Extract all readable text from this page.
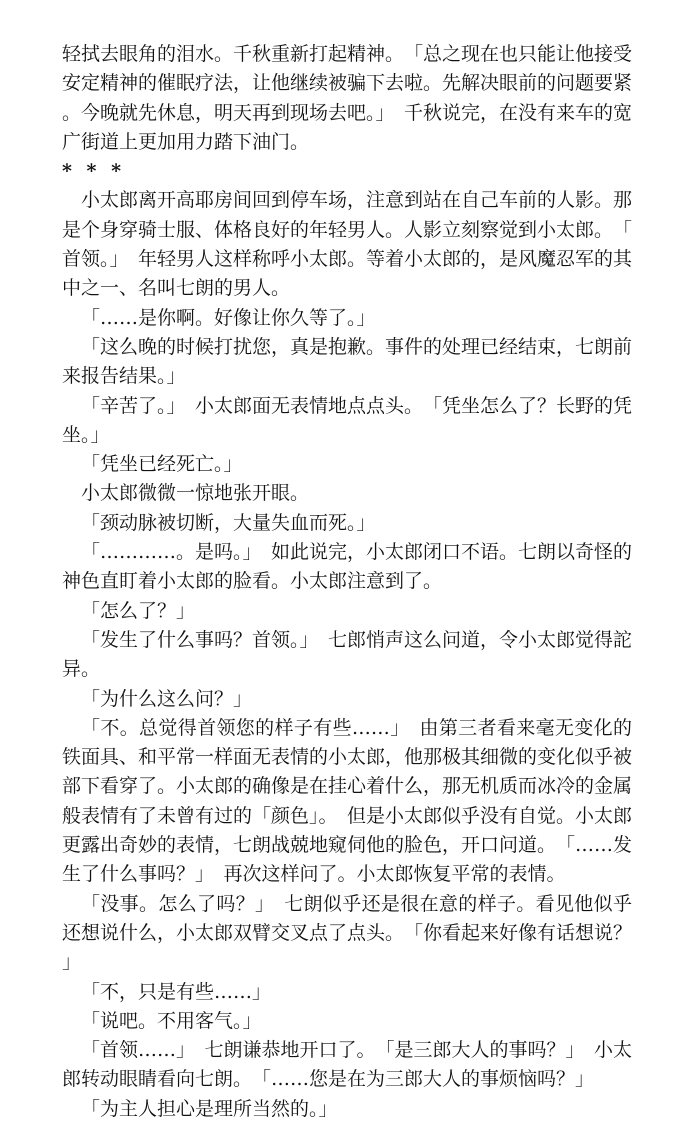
轻拭去眼角的泪水。千秋重新打起精神。　「总之现在也只能让他接受安定精神的催眠疗法，让他继续被骗下去啦。先解决眼前的问题要紧。今晚就先休息，明天再到现场去吧。」　千秋说完，在没有来车的宽广街道上更加用力踏下油门。

* * *

小太郎离开高耶房间回到停车场，注意到站在自己车前的人影。那是个身穿骑士服、体格良好的年轻男人。人影立刻察觉到小太郎。　「首领。」　年轻男人这样称呼小太郎。等着小太郎的，是风魔忍军的其中之一、名叫七朗的男人。

「……是你啊。好像让你久等了。」

「这么晚的时候打扰您，真是抱歉。事件的处理已经结束，七朗前来报告结果。」

「辛苦了。」　小太郎面无表情地点点头。　「凭坐怎么了？长野的凭坐。」

「凭坐已经死亡。」

小太郎微微一惊地张开眼。

「颈动脉被切断，大量失血而死。」

「…………。是吗。」　如此说完，小太郎闭口不语。七朗以奇怪的神色直盯着小太郎的脸看。小太郎注意到了。

「怎么了？」

「发生了什么事吗？首领。」　七郎悄声这么问道，令小太郎觉得詑异。

「为什么这么问？」

「不。总觉得首领您的样子有些……」　由第三者看来毫无变化的铁面具、和平常一样面无表情的小太郎，他那极其细微的变化似乎被部下看穿了。小太郎的确像是在挂心着什么，那无机质而冰冷的金属般表情有了未曾有过的「颜色」。　但是小太郎似乎没有自觉。小太郎更露出奇妙的表情，七朗战兢地窥伺他的脸色，开口问道。　「……发生了什么事吗？」　再次这样问了。小太郎恢复平常的表情。

「没事。怎么了吗？」　七朗似乎还是很在意的样子。看见他似乎还想说什么，小太郎双臂交叉点了点头。　「你看起来好像有话想说？」

「不，只是有些……」

「说吧。不用客气。」

「首领……」　七朗谦恭地开口了。　「是三郎大人的事吗？」　小太郎转动眼睛看向七朗。　「……您是在为三郎大人的事烦恼吗？」

「为主人担心是理所当然的。」
